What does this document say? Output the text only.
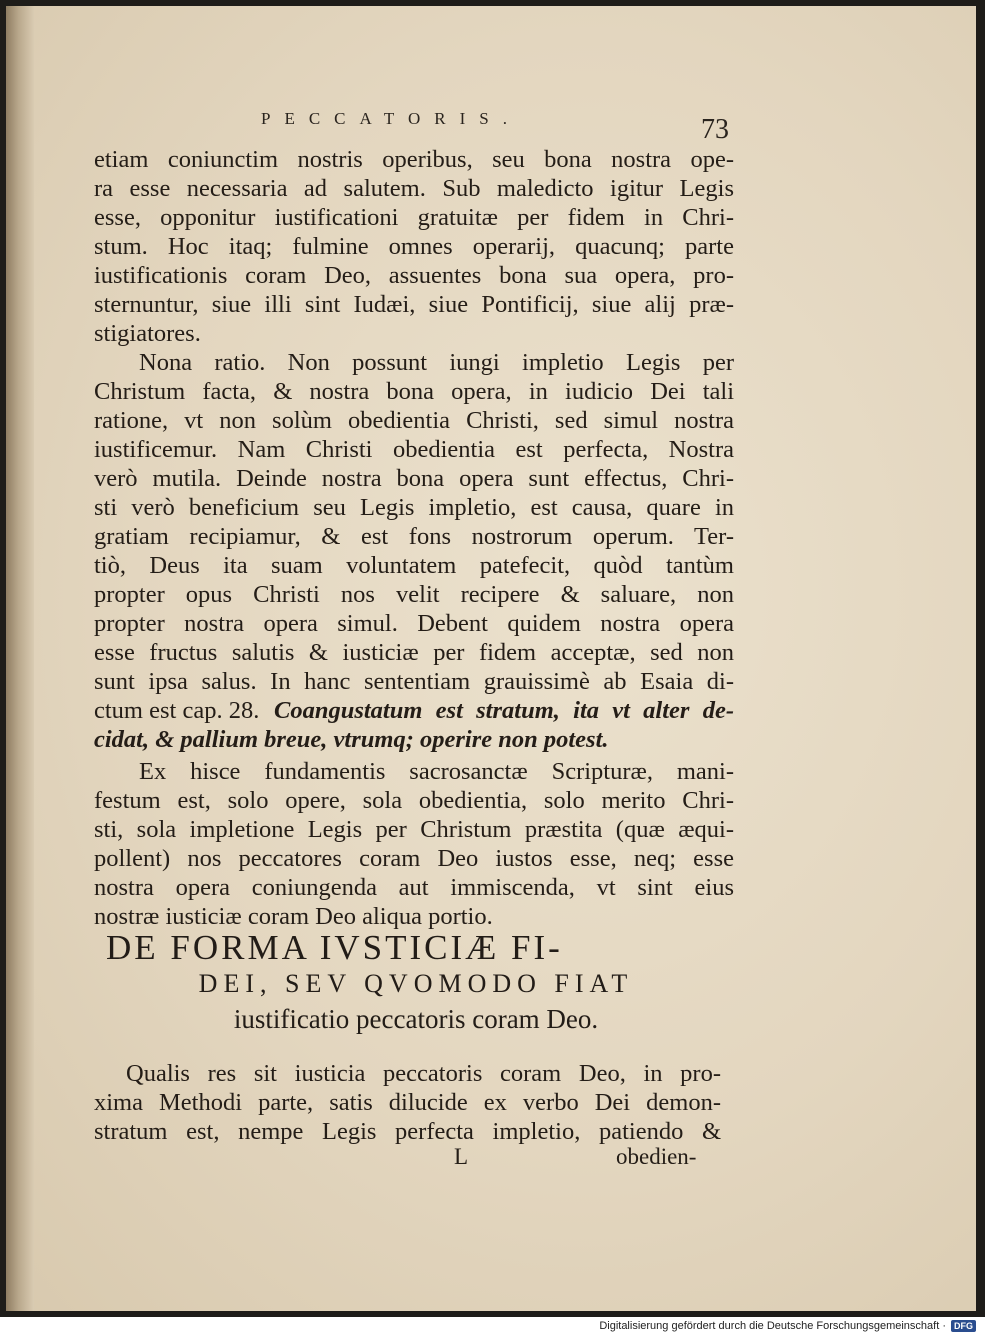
PECCATORIS.	73
etiam coniunctim nostris operibus, seu bona nostra ope-
ra esse necessaria ad salutem. Sub maledicto igitur Legis
esse, opponitur iustificationi gratuitæ per fidem in Chri-
stum. Hoc itaq; fulmine omnes operarij, quacunq; parte
iustificationis coram Deo, assuentes bona sua opera, pro-
sternuntur, siue illi sint Iudæi, siue Pontificij, siue alij præ-
stigiatores.
Nona ratio. Non possunt iungi impletio Legis per
Christum facta, & nostra bona opera, in iudicio Dei tali
ratione, vt non solùm obedientia Christi, sed simul nostra
iustificemur. Nam Christi obedientia est perfecta, Nostra
verò mutila. Deinde nostra bona opera sunt effectus, Chri-
sti verò beneficium seu Legis impletio, est causa, quare in
gratiam recipiamur, & est fons nostrorum operum. Ter-
tiò, Deus ita suam voluntatem patefecit, quòd tantùm
propter opus Christi nos velit recipere & saluare, non
propter nostra opera simul. Debent quidem nostra opera
esse fructus salutis & iusticiæ per fidem acceptæ, sed non
sunt ipsa salus. In hanc sententiam grauissimè ab Esaia di-
ctum est cap. 28. Coangustatum est stratum, ita vt alter de-
cidat, & pallium breue, vtrumq; operire non potest.
Ex hisce fundamentis sacrosanctæ Scripturæ, mani-
festum est, solo opere, sola obedientia, solo merito Chri-
sti, sola impletione Legis per Christum præstita (quæ æqui-
pollent) nos peccatores coram Deo iustos esse, neq; esse
nostra opera coniungenda aut immiscenda, vt sint eius
nostræ iusticiæ coram Deo aliqua portio.
DE FORMA IVSTICIÆ FI-
DEI, SEV QVOMODO FIAT
iustificatio peccatoris coram Deo.
Qualis res sit iusticia peccatoris coram Deo, in pro-
xima Methodi parte, satis dilucide ex verbo Dei demon-
stratum est, nempe Legis perfecta impletio, patiendo &
L	obedien-
Digitalisierung gefördert durch die Deutsche Forschungsgemeinschaft · DFG
